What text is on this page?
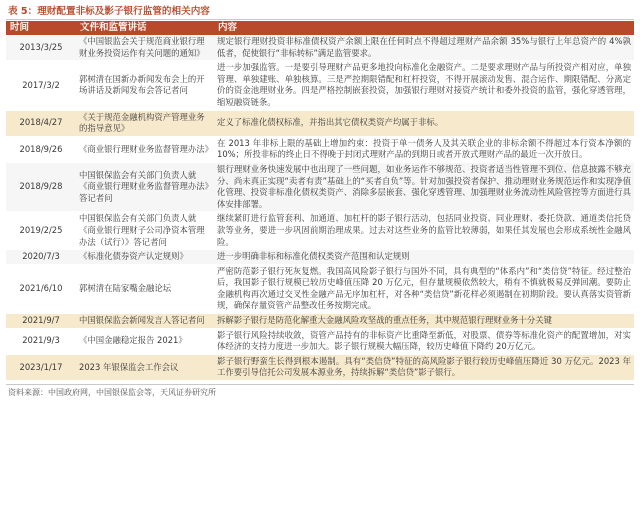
表 5：理财配置非标及影子银行监管的相关内容
时间	文件和监管讲话	内容
2013/3/25	《中国银监会关于规范商业银行理财业务投资运作有关问题的通知》	规定银行理财投资非标准债权资产余额上限在任何时点不得超过理财产品余额 35%与银行上年总资产的 4%孰低者，促使银行“非标转标”满足监管要求。
2017/3/2	郭树清在国新办新闻发布会上的开场讲话及新闻发布会答记者问	进一步加强监管。一是要引导理财产品更多地投向标准化金融资产。二是要求理财产品与所投资产相对应，单独管理、单独建账、单独核算。三是严控期限错配和杠杆投资，不得开展滚动发售、混合运作、期限错配、分离定价的资金池理财业务。四是严格控制嵌套投资，加强银行理财对接资产统计和委外投资的监管，强化穿透管理，缩短融资链条。
2018/4/27	《关于规范金融机构资产管理业务的指导意见》	定义了标准化债权标准，并指出其它债权类资产均属于非标。
2018/9/26	《商业银行理财业务监督管理办法》	在 2013 年非标上限的基础上增加约束：投资于单一债务人及其关联企业的非标余额不得超过本行资本净额的 10%；所投非标的终止日不得晚于封闭式理财产品的到期日或者开放式理财产品的最近一次开放日。
2018/9/28	中国银保监会有关部门负责人就《商业银行理财业务监督管理办法》答记者问	银行理财业务快速发展中也出现了一些问题，如业务运作不够规范、投资者适当性管理不到位、信息披露不够充分、尚未真正实现“卖者有责”基础上的“买者自负”等。针对加强投资者保护、推动理财业务规范运作和实现净值化管理、投资非标准化债权类资产、消除多层嵌套、强化穿透管理、加强理财业务流动性风险管控等方面进行具体安排部署。
2019/2/25	中国银保监会有关部门负责人就《商业银行理财子公司净资本管理办法（试行）》答记者问	继续紧盯进行监管套利、加通道、加杠杆的影子银行活动，包括同业投资、同业理财、委托贷款、通道类信托贷款等业务，要进一步巩固前期治理成果。过去对这些业务的监管比较薄弱，如果任其发展也会形成系统性金融风险。
2020/7/3	《标准化债券资产认定规则》	进一步明确非标和标准化债权类资产范围和认定规则
2021/6/10	郭树清在陆家嘴金融论坛	严密防范影子银行死灰复燃。我国高风险影子银行与国外不同，具有典型的“体系内”和“类信贷”特征。经过整治后，我国影子银行规模已较历史峰值压降 20 万亿元，但存量规模依然较大，稍有不慎就极易反弹回潮。要防止金融机构再次通过交叉性金融产品无序加杠杆，对各种“类信贷”新花样必须遏制在初期阶段。要认真落实资管新规，确保存量资管产品整改任务按期完成。
2021/9/7	中国银保监会新闻发言人答记者问	拆解影子银行是防范化解重大金融风险攻坚战的重点任务，其中规范银行理财业务十分关键
2021/9/3	《中国金融稳定报告 2021》	影子银行风险持续收敛，资管产品持有的非标资产比重降至新低，对股票、债券等标准化资产的配置增加，对实体经济的支持力度进一步加大。影子银行规模大幅压降，较历史峰值下降约 20万亿元。
2023/1/17	2023 年银保监会工作会议	影子银行野蛮生长得到根本遏制。具有“类信贷”特征的高风险影子银行较历史峰值压降近 30 万亿元。2023 年工作要引导信托公司发展本源业务，持续拆解“类信贷”影子银行。
资料来源：中国政府网，中国银保监会等，天风证券研究所
